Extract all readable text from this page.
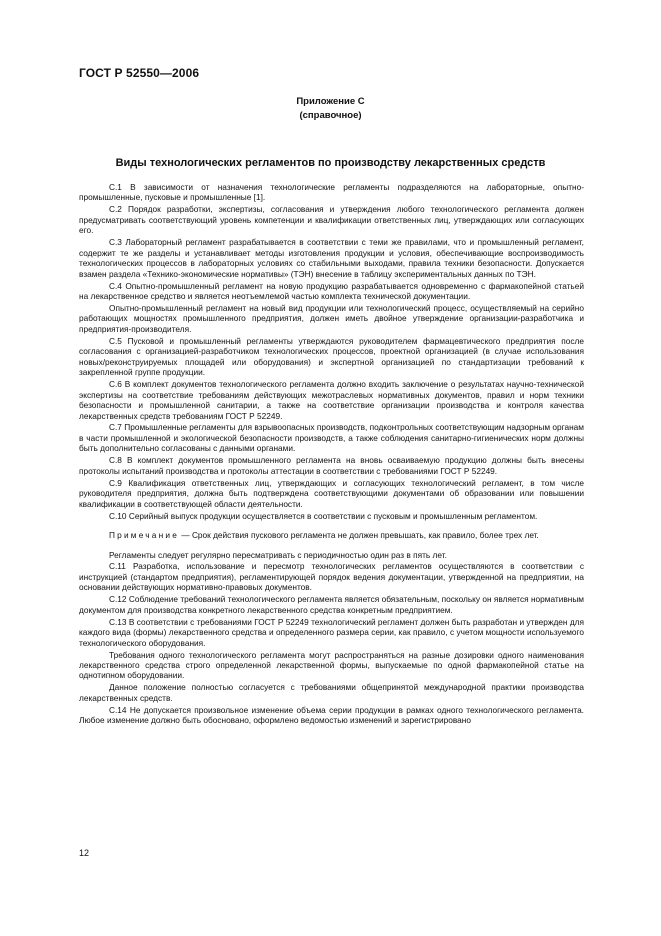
ГОСТ Р 52550—2006
Приложение С
(справочное)
Виды технологических регламентов по производству лекарственных средств

С.1 В зависимости от назначения технологические регламенты подразделяются на лабораторные, опытно-промышленные, пусковые и промышленные [1].

С.2 Порядок разработки, экспертизы, согласования и утверждения любого технологического регламента должен предусматривать соответствующий уровень компетенции и квалификации ответственных лиц, утверждающих или согласующих его.

С.3 Лабораторный регламент разрабатывается в соответствии с теми же правилами, что и промышленный регламент, содержит те же разделы и устанавливает методы изготовления продукции и условия, обеспечивающие воспроизводимость технологических процессов в лабораторных условиях со стабильными выходами, правила техники безопасности. Допускается взамен раздела «Технико-экономические нормативы» (ТЭН) внесение в таблицу экспериментальных данных по ТЭН.

С.4 Опытно-промышленный регламент на новую продукцию разрабатывается одновременно с фармакопейной статьей на лекарственное средство и является неотъемлемой частью комплекта технической документации.

Опытно-промышленный регламент на новый вид продукции или технологический процесс, осуществляемый на серийно работающих мощностях промышленного предприятия, должен иметь двойное утверждение организации-разработчика и предприятия-производителя.

С.5 Пусковой и промышленный регламенты утверждаются руководителем фармацевтического предприятия после согласования с организацией-разработчиком технологических процессов, проектной организацией (в случае использования новых/реконструируемых площадей или оборудования) и экспертной организацией по стандартизации требований к закрепленной группе продукции.

С.6 В комплект документов технологического регламента должно входить заключение о результатах научно-технической экспертизы на соответствие требованиям действующих межотраслевых нормативных документов, правил и норм техники безопасности и промышленной санитарии, а также на соответствие организации производства и контроля качества лекарственных средств требованиям ГОСТ Р 52249.

С.7 Промышленные регламенты для взрывоопасных производств, подконтрольных соответствующим надзорным органам в части промышленной и экологической безопасности производств, а также соблюдения санитарно-гигиенических норм должны быть дополнительно согласованы с данными органами.

С.8 В комплект документов промышленного регламента на вновь осваиваемую продукцию должны быть внесены протоколы испытаний производства и протоколы аттестации в соответствии с требованиями ГОСТ Р 52249.

С.9 Квалификация ответственных лиц, утверждающих и согласующих технологический регламент, в том числе руководителя предприятия, должна быть подтверждена соответствующими документами об образовании или повышении квалификации в соответствующей области деятельности.

С.10 Серийный выпуск продукции осуществляется в соответствии с пусковым и промышленным регламентом.

Примечание — Срок действия пускового регламента не должен превышать, как правило, более трех лет.

Регламенты следует регулярно пересматривать с периодичностью один раз в пять лет.

С.11 Разработка, использование и пересмотр технологических регламентов осуществляются в соответствии с инструкцией (стандартом предприятия), регламентирующей порядок ведения документации, утвержденной на предприятии, на основании действующих нормативно-правовых документов.

С.12 Соблюдение требований технологического регламента является обязательным, поскольку он является нормативным документом для производства конкретного лекарственного средства конкретным предприятием.

С.13 В соответствии с требованиями ГОСТ Р 52249 технологический регламент должен быть разработан и утвержден для каждого вида (формы) лекарственного средства и определенного размера серии, как правило, с учетом мощности используемого технологического оборудования.

Требования одного технологического регламента могут распространяться на разные дозировки одного наименования лекарственного средства строго определенной лекарственной формы, выпускаемые по одной фармакопейной статье на однотипном оборудовании.

Данное положение полностью согласуется с требованиями общепринятой международной практики производства лекарственных средств.

С.14 Не допускается произвольное изменение объема серии продукции в рамках одного технологического регламента. Любое изменение должно быть обосновано, оформлено ведомостью изменений и зарегистрировано

12
